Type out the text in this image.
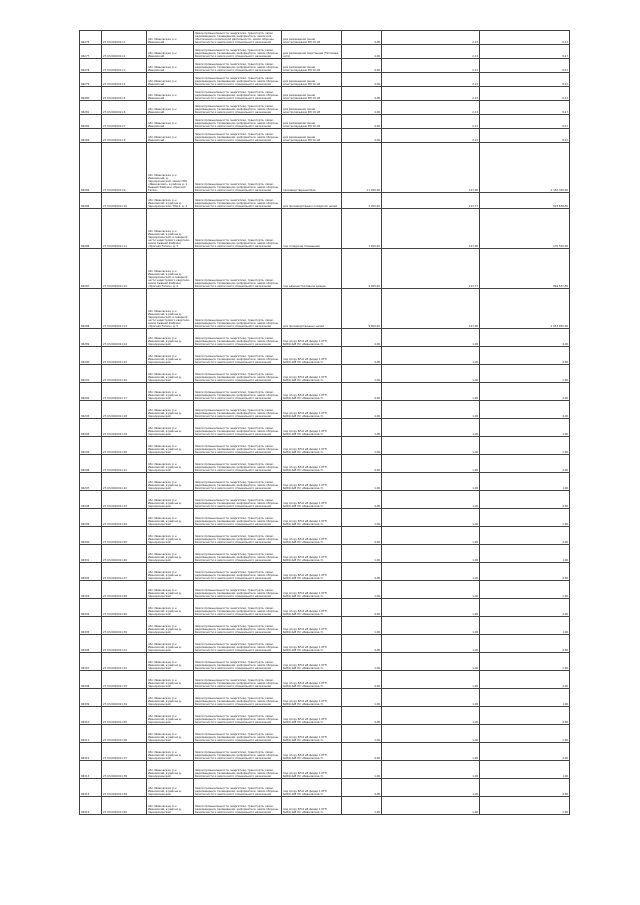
06276	27:03:0010011:1	обл. Ивановская, р-н Ивановский	Земли промышленности, энергетики, транспорта, связи, радиовещания, телевидения, информатики, земли для обеспечения космической деятельности, земли обороны, безопасности и земли иного специального назначения	для размещения линии электропередачи ВЛ 10 кВ	4,00	2,13	8,47
06277	27:03:0010011:2	обл. Ивановская, р-н Ивановский	Земли промышленности, энергетики, транспорта, связи, радиовещания, телевидения, информатики, земли обороны, безопасности и земли иного специального назначения	для размещения подстанции (Тепловые сети)	4,00	2,13	8,47
06278	27:03:0010011:3	обл. Ивановская, р-н Ивановский	Земли промышленности, энергетики, транспорта, связи, радиовещания, телевидения, информатики, земли обороны, безопасности и земли иного специального назначения	для размещения линии электропередачи ВЛ 10 кВ	4,00	2,13	8,47
06279	27:03:0010011:4	обл. Ивановская, р-н Ивановский	Земли промышленности, энергетики, транспорта, связи, радиовещания, телевидения, информатики, земли обороны, безопасности и земли иного специального назначения	для размещения линии электропередачи ВЛ 10 кВ	4,00	2,13	8,47
06280	27:03:0010011:5	обл. Ивановская, р-н Ивановский	Земли промышленности, энергетики, транспорта, связи, радиовещания, телевидения, информатики, земли обороны, безопасности и земли иного специального назначения	для размещения линии электропередачи ВЛ 10 кВ	4,00	2,13	8,47
06281	27:03:0010011:6	обл. Ивановская, р-н Ивановский	Земли промышленности, энергетики, транспорта, связи, радиовещания, телевидения, информатики, земли обороны, безопасности и земли иного специального назначения	для размещения линии электропередачи ВЛ 10 кВ	4,00	2,13	8,47
06282	27:03:0010011:7	обл. Ивановская, р-н Ивановский	Земли промышленности, энергетики, транспорта, связи, радиовещания, телевидения, информатики, земли обороны, безопасности и земли иного специального назначения	для размещения линии электропередачи ВЛ 10 кВ	4,00	2,13	8,47
06283	27:03:0010011:8	обл. Ивановская, р-н Ивановский	Земли промышленности, энергетики, транспорта, связи, радиовещания, телевидения, информатики, земли обороны, безопасности и земли иного специального назначения	для размещения линии электропередачи ВЛ 10 кВ	4,00	2,13	8,47
06284	27:03:0010011:9	обл. Ивановская, р-н Ивановский, д. Чернореченский, земли СПК «Ивановский», в районе д. 1 бывшей Фабрики «Красная Талка»	Земли промышленности, энергетики, транспорта, связи, радиовещания, телевидения, информатики, земли обороны, безопасности и земли иного специального назначения	производственная база	11 050,00	107,00	1 182 350,00
06285	27:03:0010011:10	обл. Ивановская, р-н Ивановский, в районе д. Чернореченский, ТЭЦ-2, д. 2	Земли промышленности, энергетики, транспорта, связи, радиовещания, телевидения, информатики, земли обороны, безопасности и земли иного специального назначения	для производственно-складских целей	2 450,00	213,73	523 638,50
06286	27:03:0010011:11	обл. Ивановская, р-н Ивановский, в районе д. Чернореченский, в северной части кадастрового квартала, земли бывшей Фабрики «Красная Талка», д. 3	Земли промышленности, энергетики, транспорта, связи, радиовещания, телевидения, информатики, земли обороны, безопасности и земли иного специального назначения	под складские помещения	1 650,00	107,00	176 550,00
06287	27:03:0010011:12	обл. Ивановская, р-н Ивановский, в районе д. Чернореченский, в северной части кадастрового квартала, земли бывшей Фабрики «Красная Талка», д. 4	Земли промышленности, энергетики, транспорта, связи, радиовещания, телевидения, информатики, земли обороны, безопасности и земли иного специального назначения	под административное здание	4 045,00	213,73	864 537,85
06288	27:03:0010011:13	обл. Ивановская, р-н Ивановский, в районе д. Чернореченский, в северной части кадастрового квартала, земли бывшей Фабрики «Красная Талка», д. 5	Земли промышленности, энергетики, транспорта, связи, радиовещания, телевидения, информатики, земли обороны, безопасности и земли иного специального назначения	для производственных целей	9 850,00	107,00	1 053 950,00
06289	27:03:0010011:14	обл. Ивановская, р-н Ивановский, в районе д. Чернореченский	Земли промышленности, энергетики, транспорта, связи, радиовещания, телевидения, информатики, земли обороны, безопасности и земли иного специального назначения	под опору ВЛ-6 кВ фидер 1 КТП 6кВ/0,4кВ ПС «Ивановская-7»	4,00	1,00	4,00
06290	27:03:0010011:15	обл. Ивановская, р-н Ивановский, в районе д. Чернореченский	Земли промышленности, энергетики, транспорта, связи, радиовещания, телевидения, информатики, земли обороны, безопасности и земли иного специального назначения	под опору ВЛ-6 кВ фидер 1 КТП 6кВ/0,4кВ ПС «Ивановская-7»	4,00	1,00	4,00
06291	27:03:0010011:16	обл. Ивановская, р-н Ивановский, в районе д. Чернореченский	Земли промышленности, энергетики, транспорта, связи, радиовещания, телевидения, информатики, земли обороны, безопасности и земли иного специального назначения	под опору ВЛ-6 кВ фидер 1 КТП 6кВ/0,4кВ ПС «Ивановская-7»	1,00	1,00	1,00
06292	27:03:0010011:17	обл. Ивановская, р-н Ивановский, в районе д. Чернореченский	Земли промышленности, энергетики, транспорта, связи, радиовещания, телевидения, информатики, земли обороны, безопасности и земли иного специального назначения	под опору ВЛ-6 кВ фидер 1 КТП 6кВ/0,4кВ ПС «Ивановская-7»	4,00	1,00	4,00
06293	27:03:0010011:18	обл. Ивановская, р-н Ивановский, в районе д. Чернореченский	Земли промышленности, энергетики, транспорта, связи, радиовещания, телевидения, информатики, земли обороны, безопасности и земли иного специального назначения	под опору ВЛ-6 кВ фидер 1 КТП 6кВ/0,4кВ ПС «Ивановская-7»	4,00	1,00	4,00
06294	27:03:0010011:19	обл. Ивановская, р-н Ивановский, в районе д. Чернореченский	Земли промышленности, энергетики, транспорта, связи, радиовещания, телевидения, информатики, земли обороны, безопасности и земли иного специального назначения	под опору ВЛ-6 кВ фидер 1 КТП 6кВ/0,4кВ ПС «Ивановская-7»	1,00	1,00	1,00
06295	27:03:0010011:20	обл. Ивановская, р-н Ивановский, в районе д. Чернореченский	Земли промышленности, энергетики, транспорта, связи, радиовещания, телевидения, информатики, земли обороны, безопасности и земли иного специального назначения	под опору ВЛ-6 кВ фидер 1 КТП 6кВ/0,4кВ ПС «Ивановская-7»	1,00	1,00	1,00
06296	27:03:0010011:21	обл. Ивановская, р-н Ивановский, в районе д. Чернореченский	Земли промышленности, энергетики, транспорта, связи, радиовещания, телевидения, информатики, земли обороны, безопасности и земли иного специального назначения	под опору ВЛ-6 кВ фидер 1 КТП 6кВ/0,4кВ ПС «Ивановская-7»	4,00	1,00	4,00
06297	27:03:0010011:22	обл. Ивановская, р-н Ивановский, в районе д. Чернореченский	Земли промышленности, энергетики, транспорта, связи, радиовещания, телевидения, информатики, земли обороны, безопасности и земли иного специального назначения	под опору ВЛ-6 кВ фидер 1 КТП 6кВ/0,4кВ ПС «Ивановская-7»	1,00	1,00	1,00
06298	27:03:0010011:23	обл. Ивановская, р-н Ивановский, в районе д. Чернореченский	Земли промышленности, энергетики, транспорта, связи, радиовещания, телевидения, информатики, земли обороны, безопасности и земли иного специального назначения	под опору ВЛ-6 кВ фидер 1 КТП 6кВ/0,4кВ ПС «Ивановская-7»	4,00	1,00	4,00
06299	27:03:0010011:24	обл. Ивановская, р-н Ивановский, в районе д. Чернореченский	Земли промышленности, энергетики, транспорта, связи, радиовещания, телевидения, информатики, земли обороны, безопасности и земли иного специального назначения	под опору ВЛ-6 кВ фидер 1 КТП 6кВ/0,4кВ ПС «Ивановская-7»	1,00	1,00	1,00
06300	27:03:0010011:25	обл. Ивановская, р-н Ивановский, в районе д. Чернореченский	Земли промышленности, энергетики, транспорта, связи, радиовещания, телевидения, информатики, земли обороны, безопасности и земли иного специального назначения	под опору ВЛ-6 кВ фидер 1 КТП 6кВ/0,4кВ ПС «Ивановская-7»	4,00	1,00	4,00
06301	27:03:0010011:26	обл. Ивановская, р-н Ивановский, в районе д. Чернореченский	Земли промышленности, энергетики, транспорта, связи, радиовещания, телевидения, информатики, земли обороны, безопасности и земли иного специального назначения	под опору ВЛ-6 кВ фидер 1 КТП 6кВ/0,4кВ ПС «Ивановская-7»	1,00	1,00	1,00
06302	27:03:0010011:27	обл. Ивановская, р-н Ивановский, в районе д. Чернореченский	Земли промышленности, энергетики, транспорта, связи, радиовещания, телевидения, информатики, земли обороны, безопасности и земли иного специального назначения	под опору ВЛ-6 кВ фидер 1 КТП 6кВ/0,4кВ ПС «Ивановская-7»	4,00	1,00	4,00
06303	27:03:0010011:28	обл. Ивановская, р-н Ивановский, в районе д. Чернореченский	Земли промышленности, энергетики, транспорта, связи, радиовещания, телевидения, информатики, земли обороны, безопасности и земли иного специального назначения	под опору ВЛ-6 кВ фидер 1 КТП 6кВ/0,4кВ ПС «Ивановская-7»	1,00	1,00	1,00
06304	27:03:0010011:29	обл. Ивановская, р-н Ивановский, в районе д. Чернореченский	Земли промышленности, энергетики, транспорта, связи, радиовещания, телевидения, информатики, земли обороны, безопасности и земли иного специального назначения	под опору ВЛ-6 кВ фидер 1 КТП 6кВ/0,4кВ ПС «Ивановская-7»	4,00	1,00	4,00
06305	27:03:0010011:30	обл. Ивановская, р-н Ивановский, в районе д. Чернореченский	Земли промышленности, энергетики, транспорта, связи, радиовещания, телевидения, информатики, земли обороны, безопасности и земли иного специального назначения	под опору ВЛ-6 кВ фидер 1 КТП 6кВ/0,4кВ ПС «Ивановская-7»	1,00	1,00	1,00
06306	27:03:0010011:31	обл. Ивановская, р-н Ивановский, в районе д. Чернореченский	Земли промышленности, энергетики, транспорта, связи, радиовещания, телевидения, информатики, земли обороны, безопасности и земли иного специального назначения	под опору ВЛ-6 кВ фидер 1 КТП 6кВ/0,4кВ ПС «Ивановская-7»	4,00	1,00	4,00
06307	27:03:0010011:32	обл. Ивановская, р-н Ивановский, в районе д. Чернореченский	Земли промышленности, энергетики, транспорта, связи, радиовещания, телевидения, информатики, земли обороны, безопасности и земли иного специального назначения	под опору ВЛ-6 кВ фидер 1 КТП 6кВ/0,4кВ ПС «Ивановская-7»	1,00	1,00	1,00
06308	27:03:0010011:33	обл. Ивановская, р-н Ивановский, в районе д. Чернореченский	Земли промышленности, энергетики, транспорта, связи, радиовещания, телевидения, информатики, земли обороны, безопасности и земли иного специального назначения	под опору ВЛ-6 кВ фидер 1 КТП 6кВ/0,4кВ ПС «Ивановская-7»	4,00	1,00	4,00
06309	27:03:0010011:34	обл. Ивановская, р-н Ивановский, в районе д. Чернореченский	Земли промышленности, энергетики, транспорта, связи, радиовещания, телевидения, информатики, земли обороны, безопасности и земли иного специального назначения	под опору ВЛ-6 кВ фидер 1 КТП 6кВ/0,4кВ ПС «Ивановская-7»	1,00	1,00	1,00
06310	27:03:0010011:35	обл. Ивановская, р-н Ивановский, в районе д. Чернореченский	Земли промышленности, энергетики, транспорта, связи, радиовещания, телевидения, информатики, земли обороны, безопасности и земли иного специального назначения	под опору ВЛ-6 кВ фидер 1 КТП 6кВ/0,4кВ ПС «Ивановская-7»	4,00	1,00	4,00
06311	27:03:0010011:36	обл. Ивановская, р-н Ивановский, в районе д. Чернореченский	Земли промышленности, энергетики, транспорта, связи, радиовещания, телевидения, информатики, земли обороны, безопасности и земли иного специального назначения	под опору ВЛ-6 кВ фидер 1 КТП 6кВ/0,4кВ ПС «Ивановская-7»	1,00	1,00	1,00
06312	27:03:0010011:37	обл. Ивановская, р-н Ивановский, в районе д. Чернореченский	Земли промышленности, энергетики, транспорта, связи, радиовещания, телевидения, информатики, земли обороны, безопасности и земли иного специального назначения	под опору ВЛ-6 кВ фидер 1 КТП 6кВ/0,4кВ ПС «Ивановская-7»	4,00	1,00	4,00
06313	27:03:0010011:38	обл. Ивановская, р-н Ивановский, в районе д. Чернореченский	Земли промышленности, энергетики, транспорта, связи, радиовещания, телевидения, информатики, земли обороны, безопасности и земли иного специального назначения	под опору ВЛ-6 кВ фидер 1 КТП 6кВ/0,4кВ ПС «Ивановская-7»	1,00	1,00	1,00
06314	27:03:0010011:39	обл. Ивановская, р-н Ивановский, в районе д. Чернореченский	Земли промышленности, энергетики, транспорта, связи, радиовещания, телевидения, информатики, земли обороны, безопасности и земли иного специального назначения	под опору ВЛ-6 кВ фидер 1 КТП 6кВ/0,4кВ ПС «Ивановская-7»	4,00	1,00	4,00
06315	27:03:0010011:40	обл. Ивановская, р-н Ивановский, в районе д. Чернореченский	Земли промышленности, энергетики, транспорта, связи, радиовещания, телевидения, информатики, земли обороны, безопасности и земли иного специального назначения	под опору ВЛ-6 кВ фидер 1 КТП 6кВ/0,4кВ ПС «Ивановская-7»	1,00	1,00	1,00
